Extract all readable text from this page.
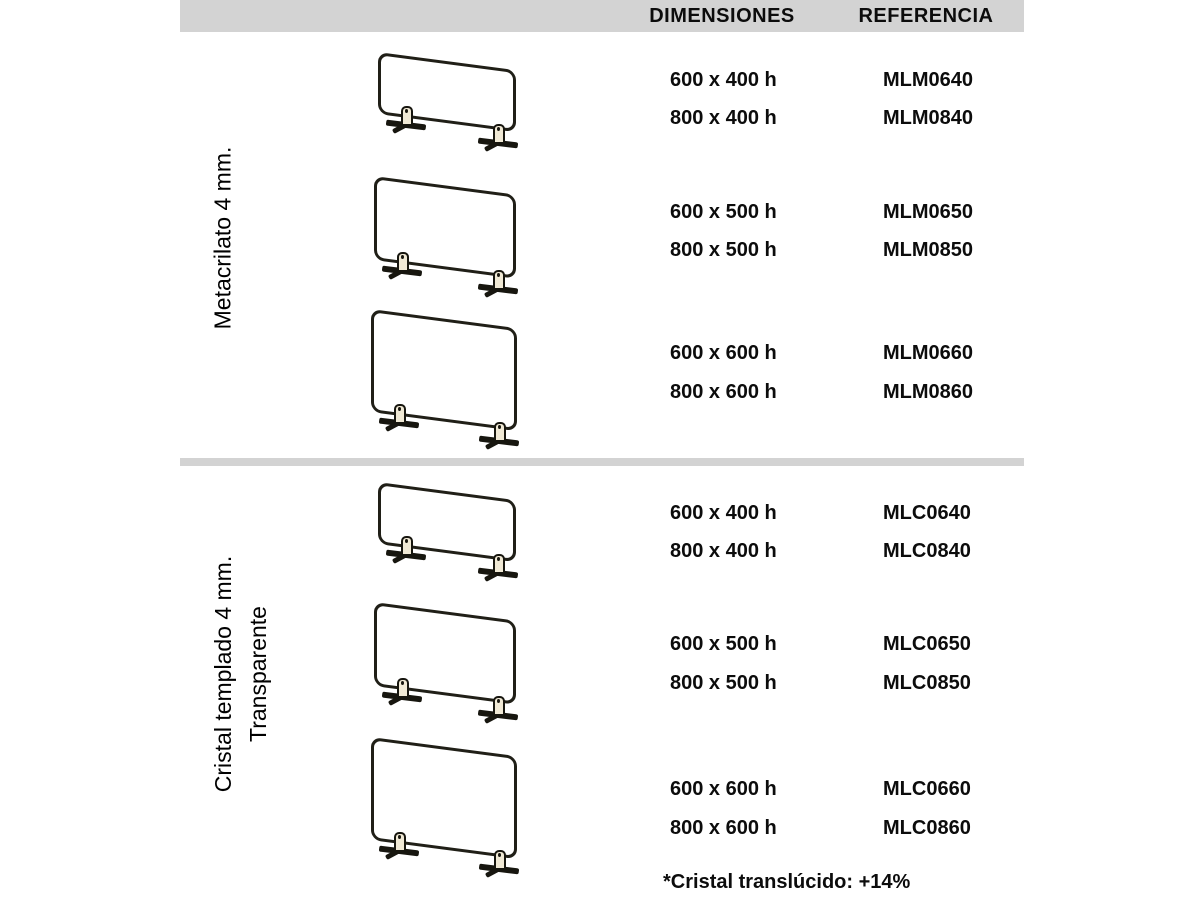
DIMENSIONES	REFERENCIA
Metacrilato 4 mm.
Cristal templado 4 mm. Transparente
600 x 400 h	MLM0640
800 x 400 h	MLM0840
600 x 500 h	MLM0650
800 x 500 h	MLM0850
600 x 600 h	MLM0660
800 x 600 h	MLM0860
600 x 400 h	MLC0640
800 x 400 h	MLC0840
600 x 500 h	MLC0650
800 x 500 h	MLC0850
600 x 600 h	MLC0660
800 x 600 h	MLC0860
*Cristal translúcido: +14%
